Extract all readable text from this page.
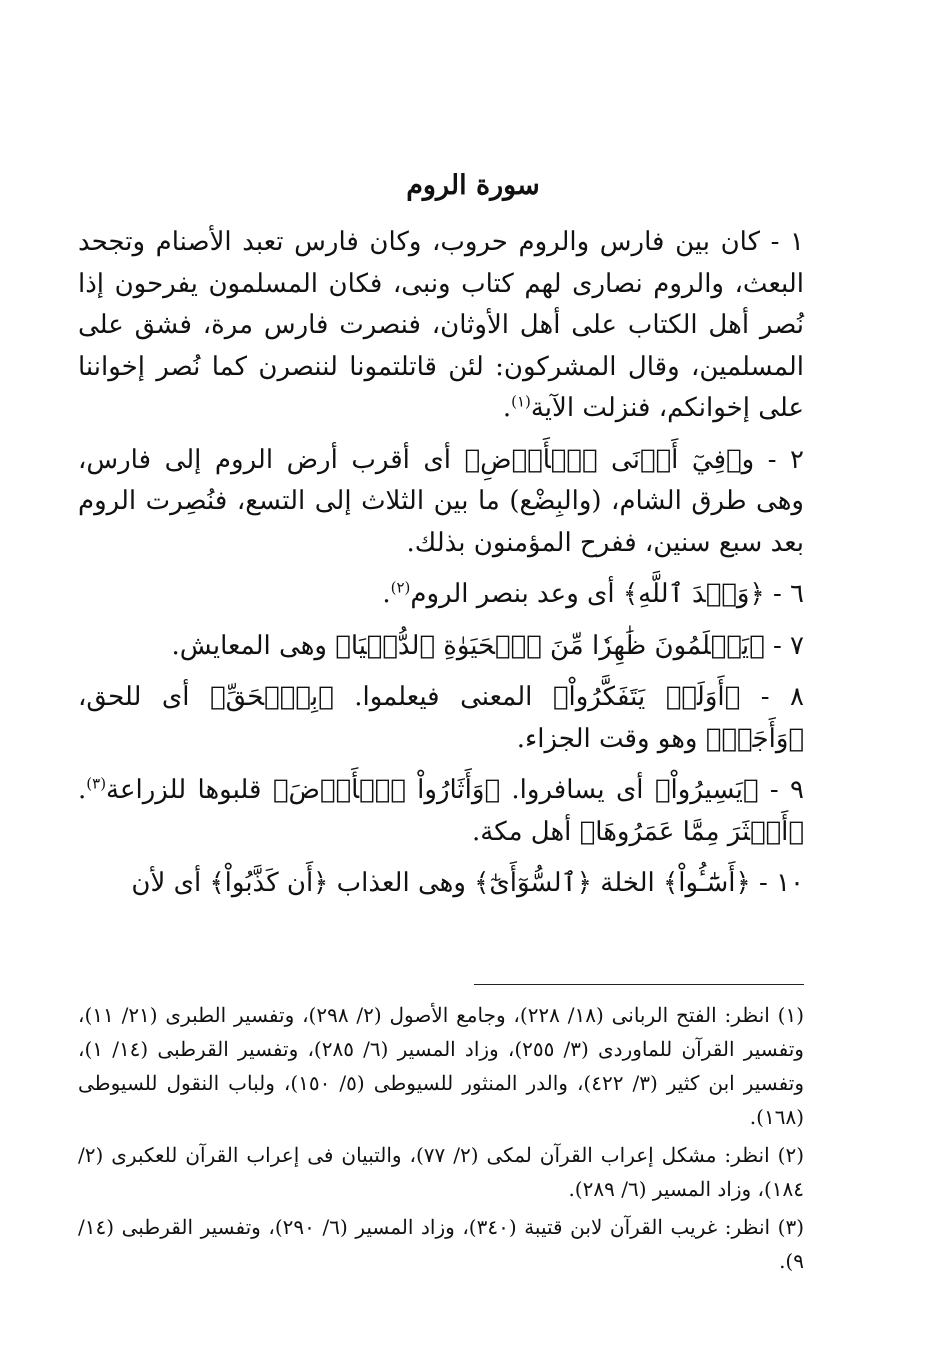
سورة الروم

١ - كان بين فارس والروم حروب، وكان فارس تعبد الأصنام وتجحد البعث، والروم نصارى لهم كتاب ونبى، فكان المسلمون يفرحون إذا نُصر أهل الكتاب على أهل الأوثان، فنصرت فارس مرة، فشق على المسلمين، وقال المشركون: لئن قاتلتمونا لننصرن كما نُصر إخواننا على إخوانكم، فنزلت الآية$^{(١)}$.

٢ - و﴿فِيٓ أَدۡنَى ٱلۡأَرۡضِ﴾ أى أقرب أرض الروم إلى فارس، وهى طرق الشام، (والبِضْع) ما بين الثلاث إلى التسع، فنُصِرت الروم بعد سبع سنين، ففرح المؤمنون بذلك.

٦ - ﴿وَعۡدَ ٱللَّهِ﴾ أى وعد بنصر الروم$^{(٢)}$.

٧ - ﴿يَعۡلَمُونَ ظَٰهِرٗا مِّنَ ٱلۡحَيَوٰةِ ٱلدُّنۡيَا﴾ وهى المعايش.

٨ - ﴿أَوَلَمۡ يَتَفَكَّرُواْ﴾ المعنى فيعلموا. ﴿بِٱلۡحَقِّ﴾ أى للحق، ﴿وَأَجَلٖ﴾ وهو وقت الجزاء.

٩ - ﴿يَسِيرُواْ﴾ أى يسافروا. ﴿وَأَثَارُواْ ٱلۡأَرۡضَ﴾ قلبوها للزراعة$^{(٣)}$. ﴿أَكۡثَرَ مِمَّا عَمَرُوهَا﴾ أهل مكة.

١٠ - ﴿أَسَٰٓـُٔواْ﴾ الخلة ﴿ٱلسُّوٓأَىٰٓ﴾ وهى العذاب ﴿أَن كَذَّبُواْ﴾ أى لأن

(١) انظر: الفتح الربانى (١٨/ ٢٢٨)، وجامع الأصول (٢/ ٢٩٨)، وتفسير الطبرى (٢١/ ١١)، وتفسير القرآن للماوردى (٣/ ٢٥٥)، وزاد المسير (٦/ ٢٨٥)، وتفسير القرطبى (١٤/ ١)، وتفسير ابن كثير (٣/ ٤٢٢)، والدر المنثور للسيوطى (٥/ ١٥٠)، ولباب النقول للسيوطى (١٦٨).

(٢) انظر: مشكل إعراب القرآن لمكى (٢/ ٧٧)، والتبيان فى إعراب القرآن للعكبرى (٢/ ١٨٤)، وزاد المسير (٦/ ٢٨٩).

(٣) انظر: غريب القرآن لابن قتيبة (٣٤٠)، وزاد المسير (٦/ ٢٩٠)، وتفسير القرطبى (١٤/ ٩).
